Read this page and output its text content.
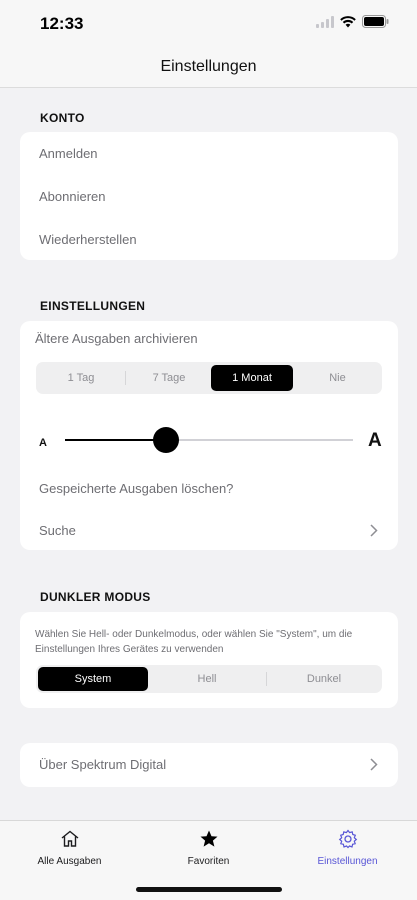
12:33
Einstellungen
KONTO
Anmelden
Abonnieren
Wiederherstellen
EINSTELLUNGEN
Ältere Ausgaben archivieren
1 Tag	7 Tage	1 Monat	Nie
A	A
Gespeicherte Ausgaben löschen?
Suche
DUNKLER MODUS
Wählen Sie Hell- oder Dunkelmodus, oder wählen Sie "System", um die Einstellungen Ihres Gerätes zu verwenden
System	Hell	Dunkel
Über Spektrum Digital
Alle Ausgaben	Favoriten	Einstellungen
